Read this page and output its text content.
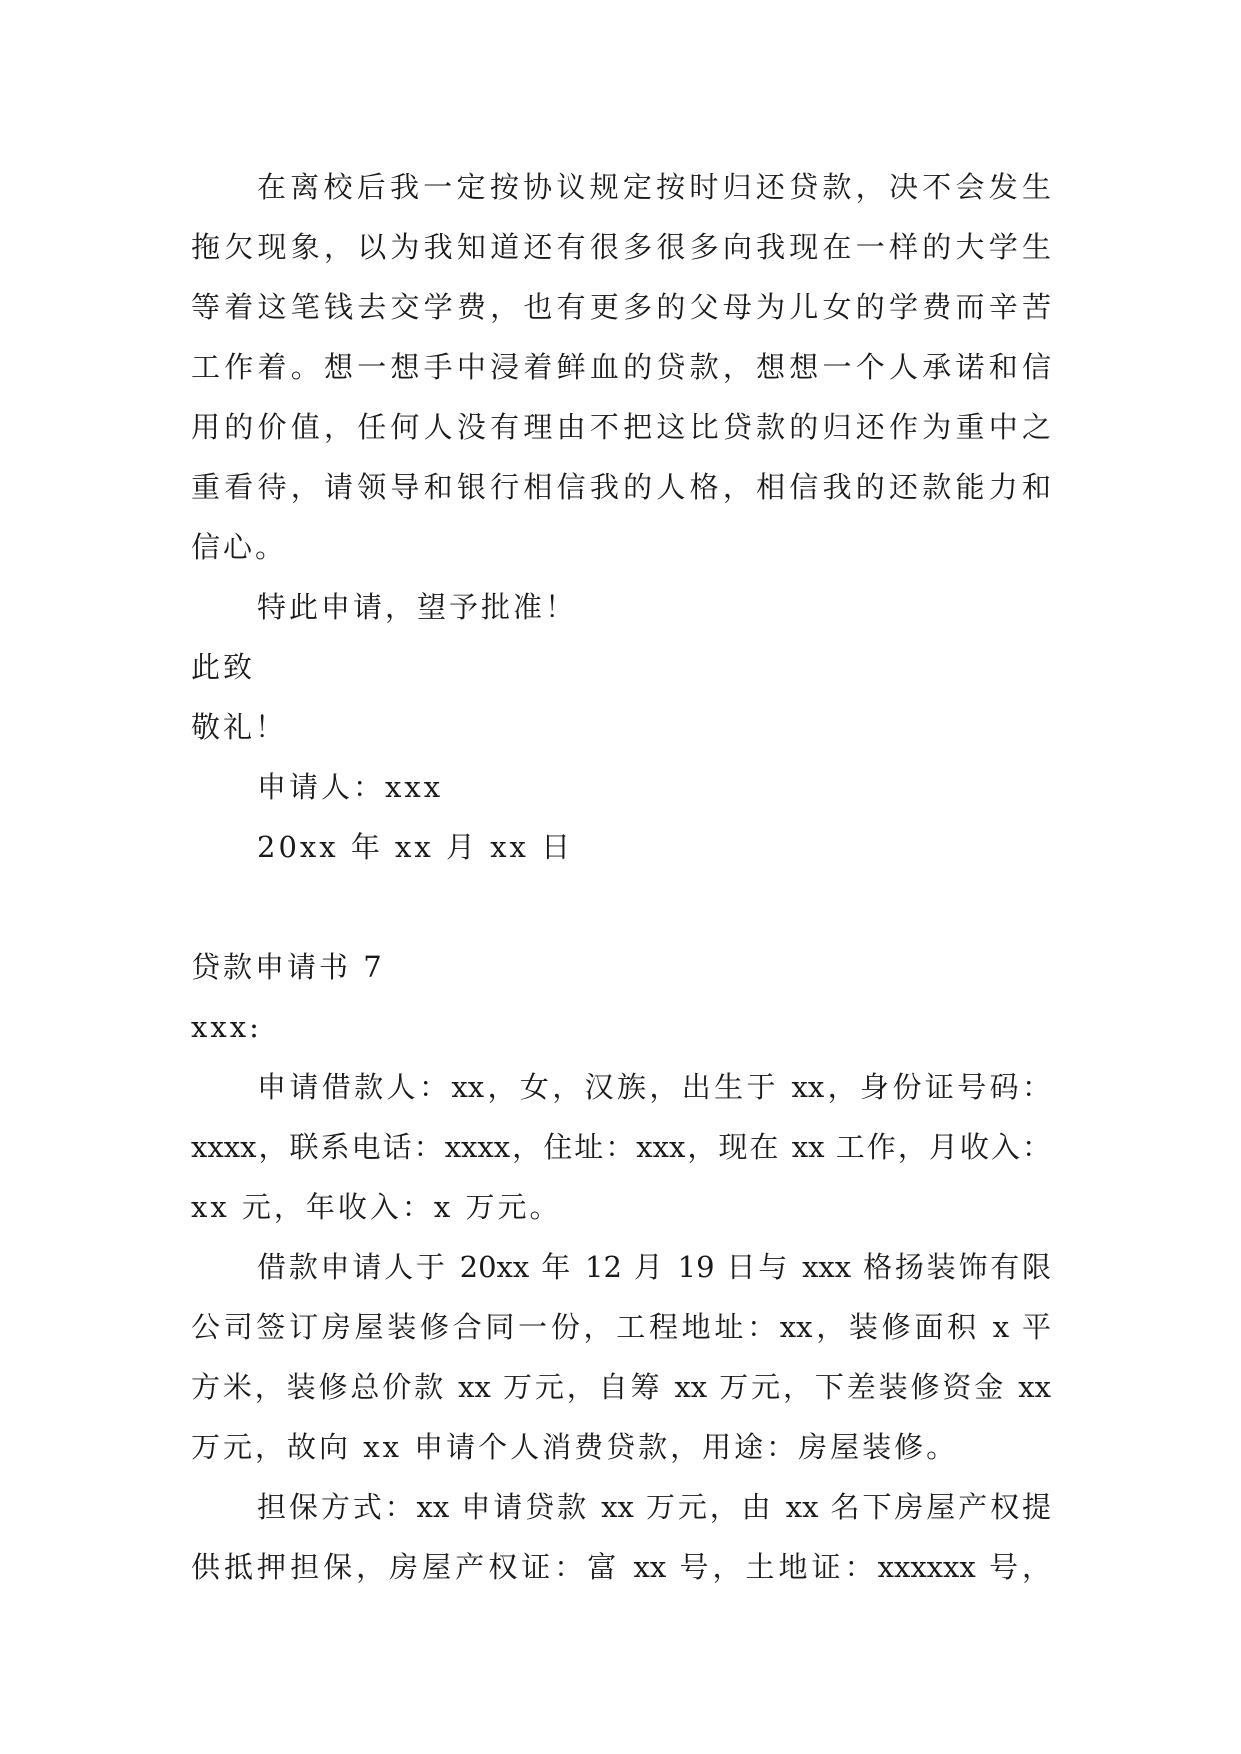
在离校后我一定按协议规定按时归还贷款，决不会发生
拖欠现象，以为我知道还有很多很多向我现在一样的大学生
等着这笔钱去交学费，也有更多的父母为儿女的学费而辛苦
工作着。想一想手中浸着鲜血的贷款，想想一个人承诺和信
用的价值，任何人没有理由不把这比贷款的归还作为重中之
重看待，请领导和银行相信我的人格，相信我的还款能力和
信心。
特此申请，望予批准！
此致
敬礼！
申请人：xxx
20xx 年 xx 月 xx 日
贷款申请书 7
xxx:
申请借款人：xx，女，汉族，出生于 xx，身份证号码：
xxxx，联系电话：xxxx，住址：xxx，现在 xx 工作，月收入：
xx 元，年收入：x 万元。
借款申请人于 20xx 年 12 月 19 日与 xxx 格扬装饰有限
公司签订房屋装修合同一份，工程地址：xx，装修面积 x 平
方米，装修总价款 xx 万元，自筹 xx 万元，下差装修资金 xx
万元，故向 xx 申请个人消费贷款，用途：房屋装修。
担保方式：xx 申请贷款 xx 万元，由 xx 名下房屋产权提
供抵押担保，房屋产权证：富 xx 号，土地证：xxxxxx 号，
